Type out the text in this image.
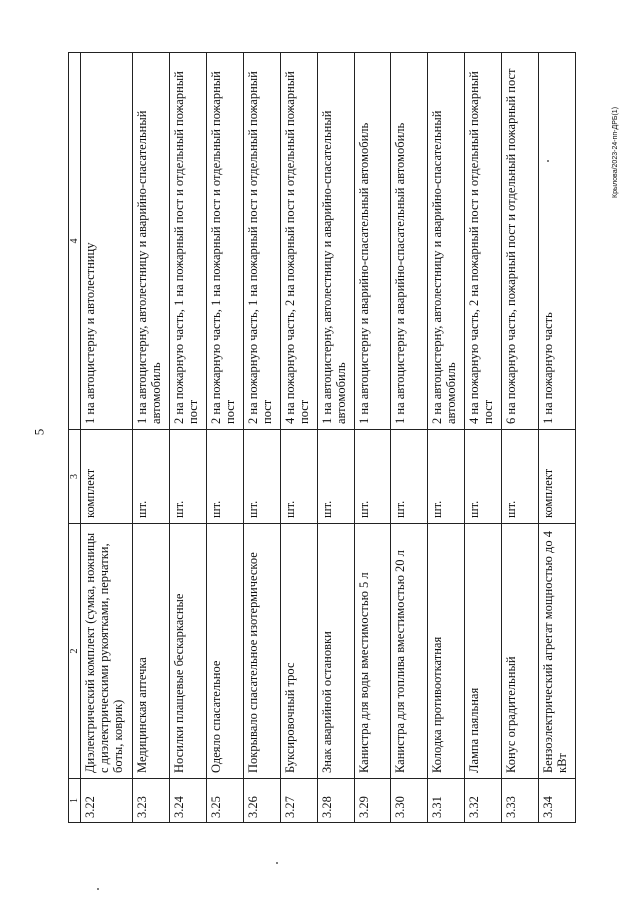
5
Крылова/2023-24-пп-ДРБ(1)
1	2	3	4
3.22	Диэлектрический комплект (сумка, ножницы с диэлектрическими рукоятками, перчатки, боты, коврик)	комплект	1 на автоцистерну и автолестницу
3.23	Медицинская аптечка	шт.	1 на автоцистерну, автолестницу и аварийно-спасательный автомобиль
3.24	Носилки плащевые бескаркасные	шт.	2 на пожарную часть, 1 на пожарный пост и отдельный пожарный пост
3.25	Одеяло спасательное	шт.	2 на пожарную часть, 1 на пожарный пост и отдельный пожарный пост
3.26	Покрывало спасательное изотермическое	шт.	2 на пожарную часть, 1 на пожарный пост и отдельный пожарный пост
3.27	Буксировочный трос	шт.	4 на пожарную часть, 2 на пожарный пост и отдельный пожарный пост
3.28	Знак аварийной остановки	шт.	1 на автоцистерну, автолестницу и аварийно-спасательный автомобиль
3.29	Канистра для воды вместимостью 5 л	шт.	1 на автоцистерну и аварийно-спасательный автомобиль
3.30	Канистра для топлива вместимостью 20 л	шт.	1 на автоцистерну и аварийно-спасательный автомобиль
3.31	Колодка противооткатная	шт.	2 на автоцистерну, автолестницу и аварийно-спасательный автомобиль
3.32	Лампа паяльная	шт.	4 на пожарную часть, 2 на пожарный пост и отдельный пожарный пост
3.33	Конус оградительный	шт.	6 на пожарную часть, пожарный пост и отдельный пожарный пост
3.34	Бензоэлектрический агрегат мощностью до 4 кВт	комплект	1 на пожарную часть
